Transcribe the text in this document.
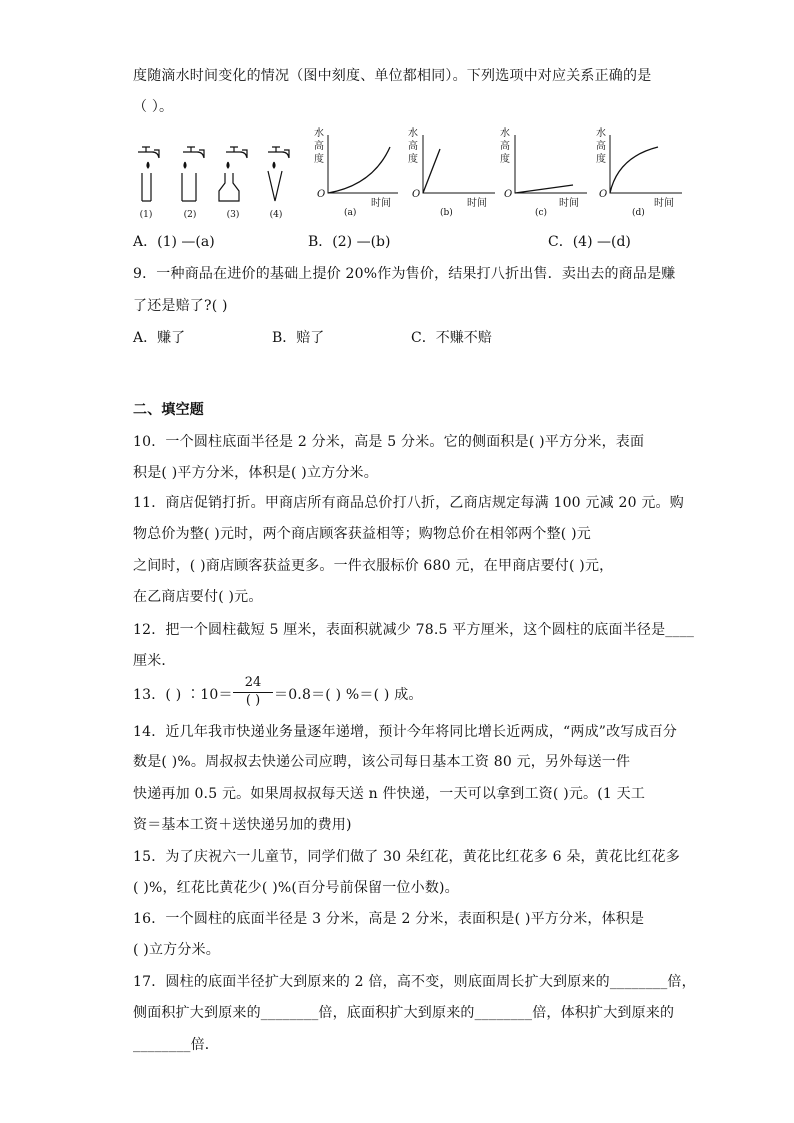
度随滴水时间变化的情况（图中刻度、单位都相同）。下列选项中对应关系正确的是
（ ）。
(1)	(2)	(3)	(4)
水
高
度
水
高
度
水
高
度
水
高
度
O	O	O	O
时间	时间	时间	时间
(a)	(b)	(c)	(d)
A．(1) —(a)	B．(2) —(b)	C．(4) —(d)
9．一种商品在进价的基础上提价 20%作为售价，结果打八折出售．卖出去的商品是赚
了还是赔了?( )
A．赚了	B．赔了	C．不赚不赔
二、填空题
10．一个圆柱底面半径是 2 分米，高是 5 分米。它的侧面积是( )平方分米，表面
积是( )平方分米，体积是( )立方分米。
11．商店促销打折。甲商店所有商品总价打八折，乙商店规定每满 100 元减 20 元。购
物总价为整( )元时，两个商店顾客获益相等；购物总价在相邻两个整( )元
之间时，( )商店顾客获益更多。一件衣服标价 680 元，在甲商店要付( )元，
在乙商店要付( )元。
12．把一个圆柱截短 5 厘米，表面积就减少 78.5 平方厘米，这个圆柱的底面半径是____
厘米．
13．( ) ∶10＝
24
( ) ＝0.8＝( ) %＝( ) 成。
14．近几年我市快递业务量逐年递增，预计今年将同比增长近两成，“两成”改写成百分
数是( )%。周叔叔去快递公司应聘，该公司每日基本工资 80 元，另外每送一件
快递再加 0.5 元。如果周叔叔每天送 n 件快递，一天可以拿到工资( )元。(1 天工
资＝基本工资＋送快递另加的费用)
15．为了庆祝六一儿童节，同学们做了 30 朵红花，黄花比红花多 6 朵，黄花比红花多
( )%，红花比黄花少( )%(百分号前保留一位小数)。
16．一个圆柱的底面半径是 3 分米，高是 2 分米，表面积是( )平方分米，体积是
( )立方分米。
17．圆柱的底面半径扩大到原来的 2 倍，高不变，则底面周长扩大到原来的________倍，
侧面积扩大到原来的________倍，底面积扩大到原来的________倍，体积扩大到原来的
________倍．
